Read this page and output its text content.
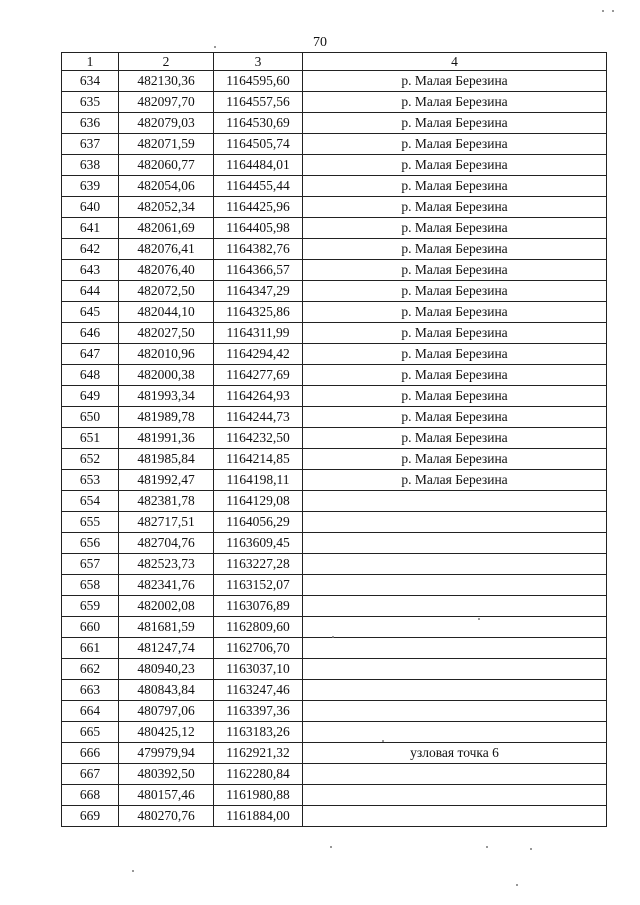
70
1	2	3	4
634	482130,36	1164595,60	р. Малая Березина
635	482097,70	1164557,56	р. Малая Березина
636	482079,03	1164530,69	р. Малая Березина
637	482071,59	1164505,74	р. Малая Березина
638	482060,77	1164484,01	р. Малая Березина
639	482054,06	1164455,44	р. Малая Березина
640	482052,34	1164425,96	р. Малая Березина
641	482061,69	1164405,98	р. Малая Березина
642	482076,41	1164382,76	р. Малая Березина
643	482076,40	1164366,57	р. Малая Березина
644	482072,50	1164347,29	р. Малая Березина
645	482044,10	1164325,86	р. Малая Березина
646	482027,50	1164311,99	р. Малая Березина
647	482010,96	1164294,42	р. Малая Березина
648	482000,38	1164277,69	р. Малая Березина
649	481993,34	1164264,93	р. Малая Березина
650	481989,78	1164244,73	р. Малая Березина
651	481991,36	1164232,50	р. Малая Березина
652	481985,84	1164214,85	р. Малая Березина
653	481992,47	1164198,11	р. Малая Березина
654	482381,78	1164129,08	
655	482717,51	1164056,29	
656	482704,76	1163609,45	
657	482523,73	1163227,28	
658	482341,76	1163152,07	
659	482002,08	1163076,89	
660	481681,59	1162809,60	
661	481247,74	1162706,70	
662	480940,23	1163037,10	
663	480843,84	1163247,46	
664	480797,06	1163397,36	
665	480425,12	1163183,26	
666	479979,94	1162921,32	узловая точка 6
667	480392,50	1162280,84	
668	480157,46	1161980,88	
669	480270,76	1161884,00	
